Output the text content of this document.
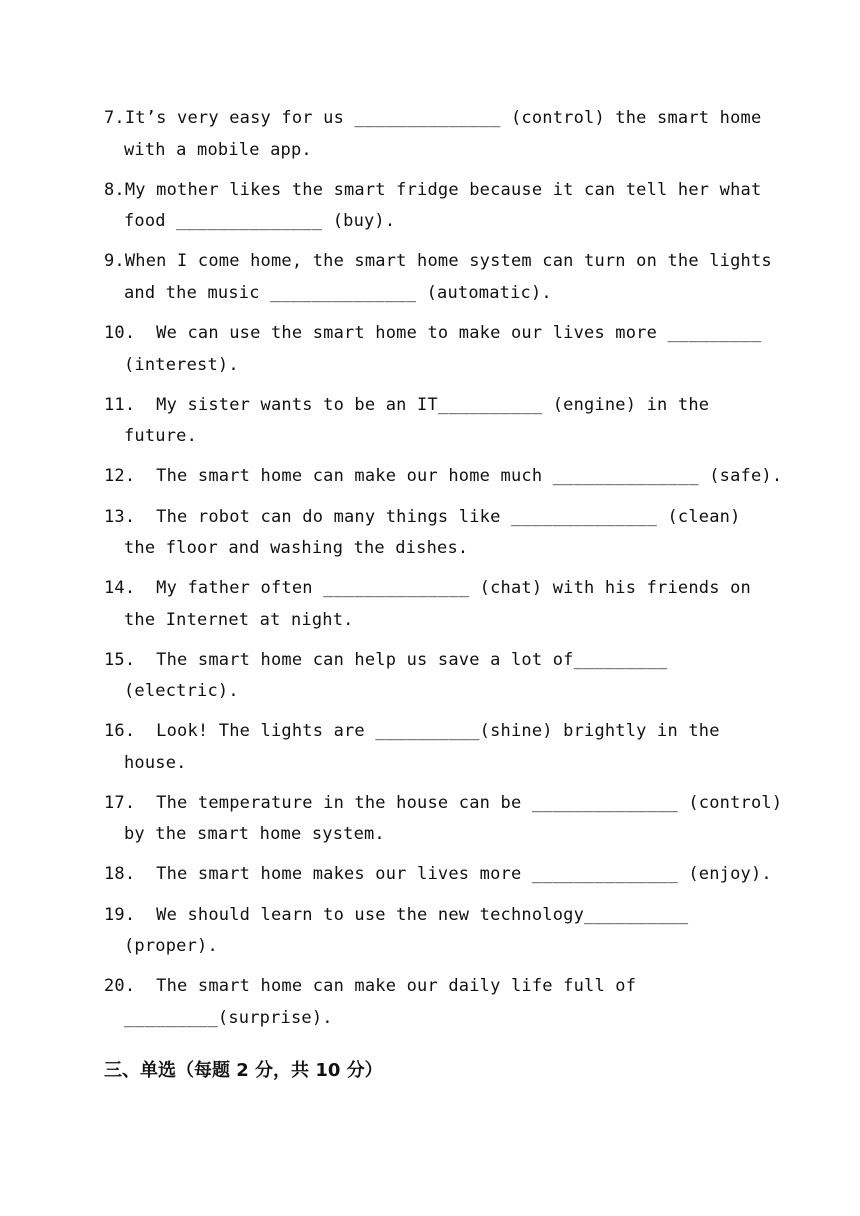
7.It’s very easy for us ______________ (control) the smart home
with a mobile app.
8.My mother likes the smart fridge because it can tell her what
food ______________ (buy).
9.When I come home, the smart home system can turn on the lights
and the music ______________ (automatic).
10.  We can use the smart home to make our lives more _________
(interest).
11.  My sister wants to be an IT__________ (engine) in the
future.
12.  The smart home can make our home much ______________ (safe).
13.  The robot can do many things like ______________ (clean)
the floor and washing the dishes.
14.  My father often ______________ (chat) with his friends on
the Internet at night.
15.  The smart home can help us save a lot of_________
(electric).
16.  Look! The lights are __________(shine) brightly in the
house.
17.  The temperature in the house can be ______________ (control)
by the smart home system.
18.  The smart home makes our lives more ______________ (enjoy).
19.  We should learn to use the new technology__________
(proper).
20.  The smart home can make our daily life full of
_________(surprise).
三、单选（每题 2 分，共 10 分）
